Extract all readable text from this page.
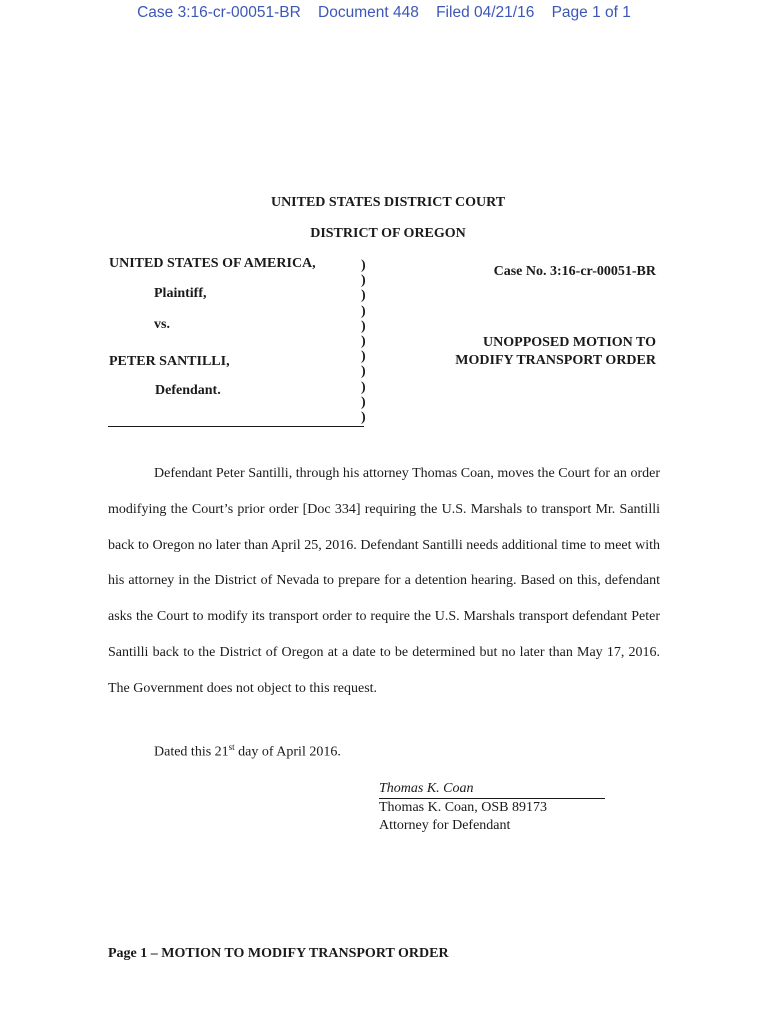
Case 3:16-cr-00051-BR Document 448 Filed 04/21/16 Page 1 of 1
UNITED STATES DISTRICT COURT
DISTRICT OF OREGON
UNITED STATES OF AMERICA,
Plaintiff,
vs.
PETER SANTILLI,
Defendant.
)
)
)
)
)
)
)
)
)
)
)
Case No. 3:16-cr-00051-BR
UNOPPOSED MOTION TO
MODIFY TRANSPORT ORDER
Defendant Peter Santilli, through his attorney Thomas Coan, moves the Court for an order modifying the Court’s prior order [Doc 334] requiring the U.S. Marshals to transport Mr. Santilli back to Oregon no later than April 25, 2016. Defendant Santilli needs additional time to meet with his attorney in the District of Nevada to prepare for a detention hearing. Based on this, defendant asks the Court to modify its transport order to require the U.S. Marshals transport defendant Peter Santilli back to the District of Oregon at a date to be determined but no later than May 17, 2016. The Government does not object to this request.
Dated this 21st day of April 2016.
Thomas K. Coan
Thomas K. Coan, OSB 89173
Attorney for Defendant
Page 1 – MOTION TO MODIFY TRANSPORT ORDER
